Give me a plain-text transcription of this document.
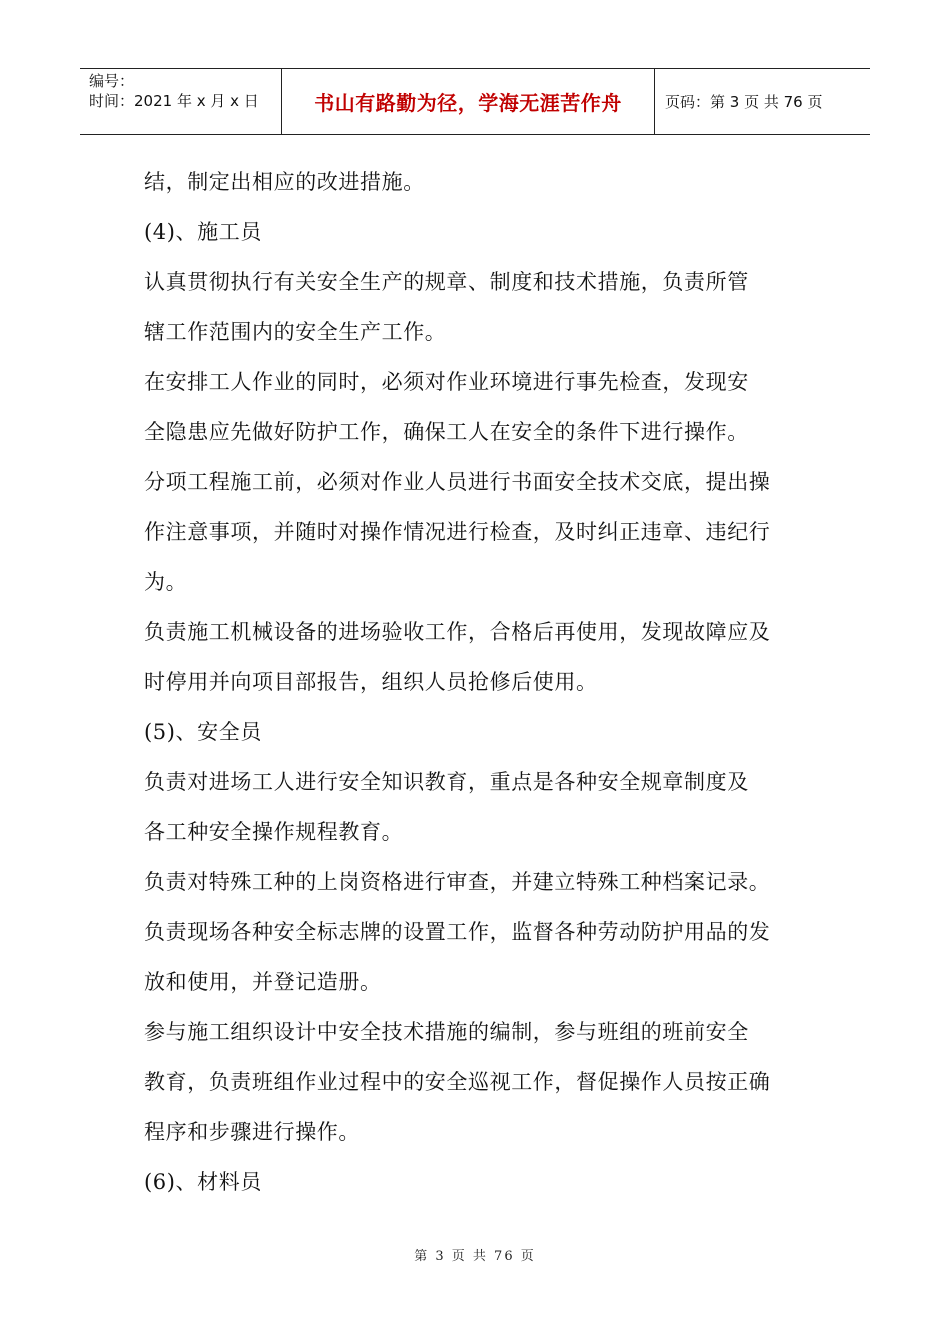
编号：
时间：2021 年 x 月 x 日	书山有路勤为径，学海无涯苦作舟	页码：第 3 页 共 76 页
结，制定出相应的改进措施。
(4)、施工员
认真贯彻执行有关安全生产的规章、制度和技术措施，负责所管
辖工作范围内的安全生产工作。
在安排工人作业的同时，必须对作业环境进行事先检查，发现安
全隐患应先做好防护工作，确保工人在安全的条件下进行操作。
分项工程施工前，必须对作业人员进行书面安全技术交底，提出操
作注意事项，并随时对操作情况进行检查，及时纠正违章、违纪行
为。
负责施工机械设备的进场验收工作，合格后再使用，发现故障应及
时停用并向项目部报告，组织人员抢修后使用。
(5)、安全员
负责对进场工人进行安全知识教育，重点是各种安全规章制度及
各工种安全操作规程教育。
负责对特殊工种的上岗资格进行审查，并建立特殊工种档案记录。
负责现场各种安全标志牌的设置工作，监督各种劳动防护用品的发
放和使用，并登记造册。
参与施工组织设计中安全技术措施的编制，参与班组的班前安全
教育，负责班组作业过程中的安全巡视工作，督促操作人员按正确
程序和步骤进行操作。
(6)、材料员
第 3 页 共 76 页
